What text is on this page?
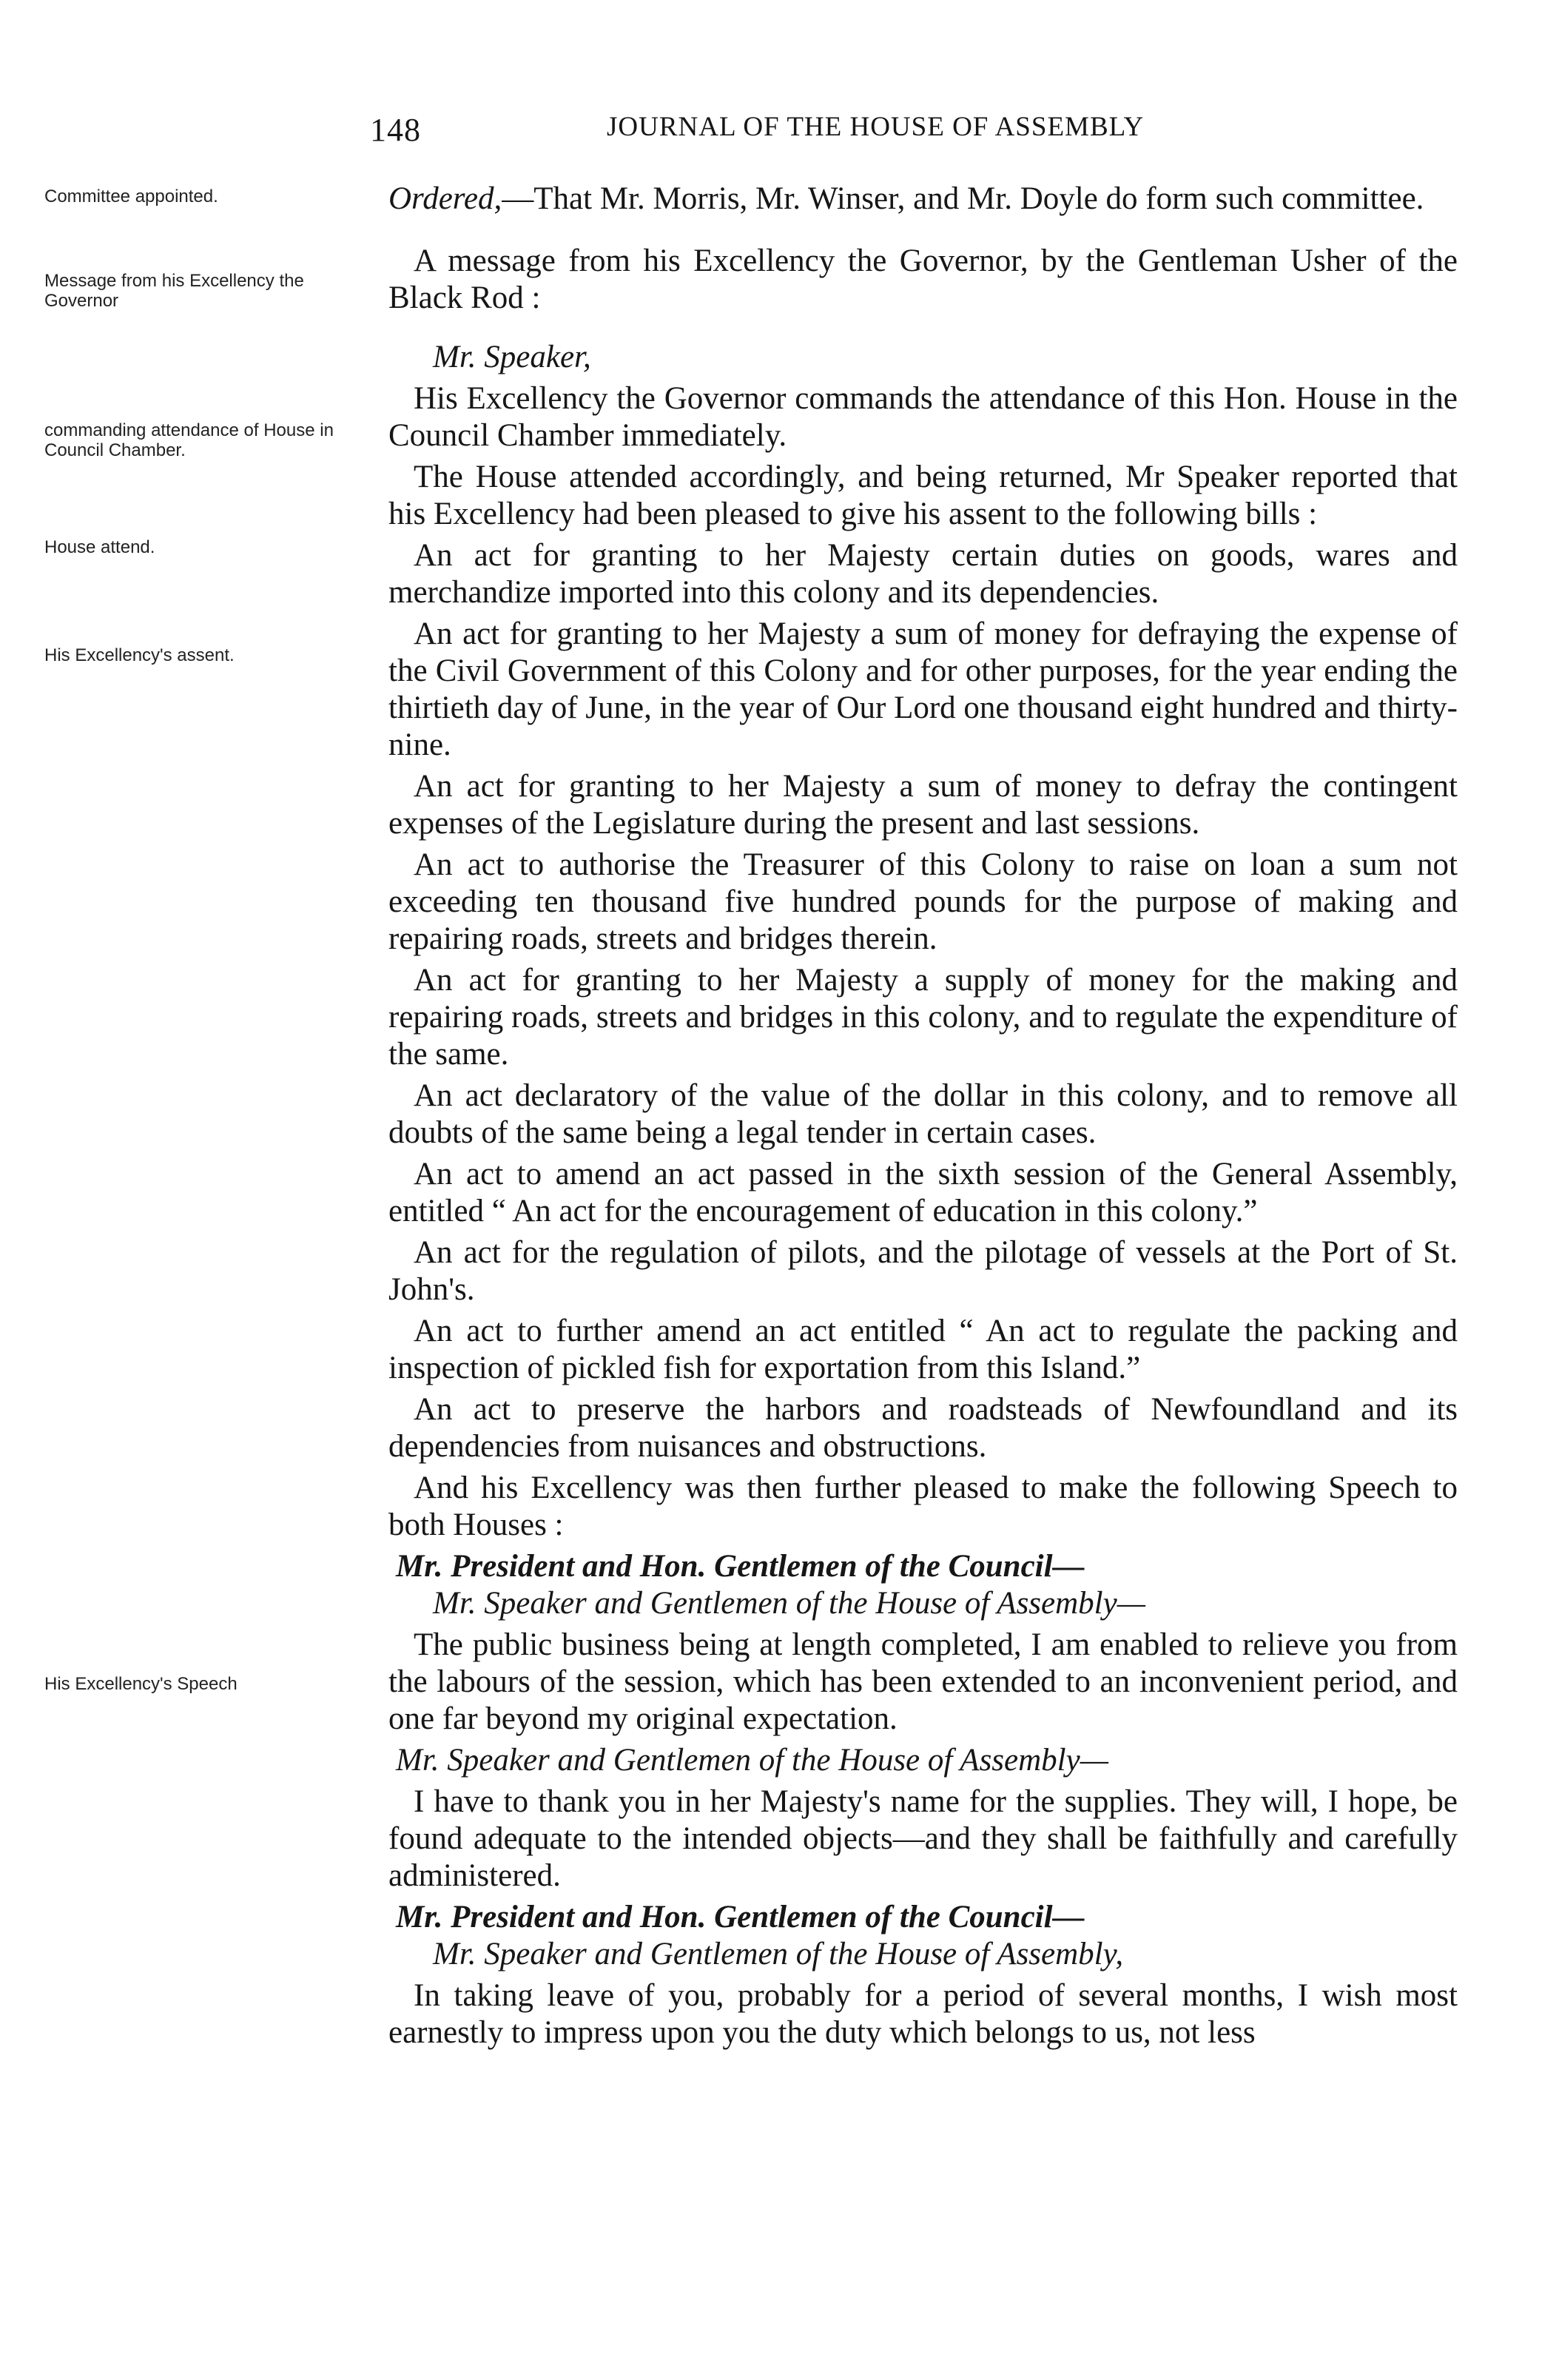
148	JOURNAL OF THE HOUSE OF ASSEMBLY
Committee appointed.
Message from his Excellency the Governor
commanding attendance of House in Council Chamber.
House attend.
His Excellency's assent.
His Excellency's Speech

Ordered,—That Mr. Morris, Mr. Winser, and Mr. Doyle do form such committee.

A message from his Excellency the Governor, by the Gentleman Usher of the Black Rod :

Mr. Speaker,

His Excellency the Governor commands the attendance of this Hon. House in the Council Chamber immediately.

The House attended accordingly, and being returned, Mr Speaker reported that his Excellency had been pleased to give his assent to the following bills :

An act for granting to her Majesty certain duties on goods, wares and merchandize imported into this colony and its dependencies.

An act for granting to her Majesty a sum of money for defraying the expense of the Civil Government of this Colony and for other purposes, for the year ending the thirtieth day of June, in the year of Our Lord one thousand eight hundred and thirty-nine.

An act for granting to her Majesty a sum of money to defray the contingent expenses of the Legislature during the present and last sessions.

An act to authorise the Treasurer of this Colony to raise on loan a sum not exceeding ten thousand five hundred pounds for the purpose of making and repairing roads, streets and bridges therein.

An act for granting to her Majesty a supply of money for the making and repairing roads, streets and bridges in this colony, and to regulate the expenditure of the same.

An act declaratory of the value of the dollar in this colony, and to remove all doubts of the same being a legal tender in certain cases.

An act to amend an act passed in the sixth session of the General Assembly, entitled “ An act for the encouragement of education in this colony.”

An act for the regulation of pilots, and the pilotage of vessels at the Port of St. John's.

An act to further amend an act entitled “ An act to regulate the packing and inspection of pickled fish for exportation from this Island.”

An act to preserve the harbors and roadsteads of Newfoundland and its dependencies from nuisances and obstructions.

And his Excellency was then further pleased to make the following Speech to both Houses :

Mr. President and Hon. Gentlemen of the Council—

Mr. Speaker and Gentlemen of the House of Assembly—

The public business being at length completed, I am enabled to relieve you from the labours of the session, which has been extended to an inconvenient period, and one far beyond my original expectation.

Mr. Speaker and Gentlemen of the House of Assembly—

I have to thank you in her Majesty's name for the supplies. They will, I hope, be found adequate to the intended objects—and they shall be faithfully and carefully administered.

Mr. President and Hon. Gentlemen of the Council—

Mr. Speaker and Gentlemen of the House of Assembly,

In taking leave of you, probably for a period of several months, I wish most earnestly to impress upon you the duty which belongs to us, not less
